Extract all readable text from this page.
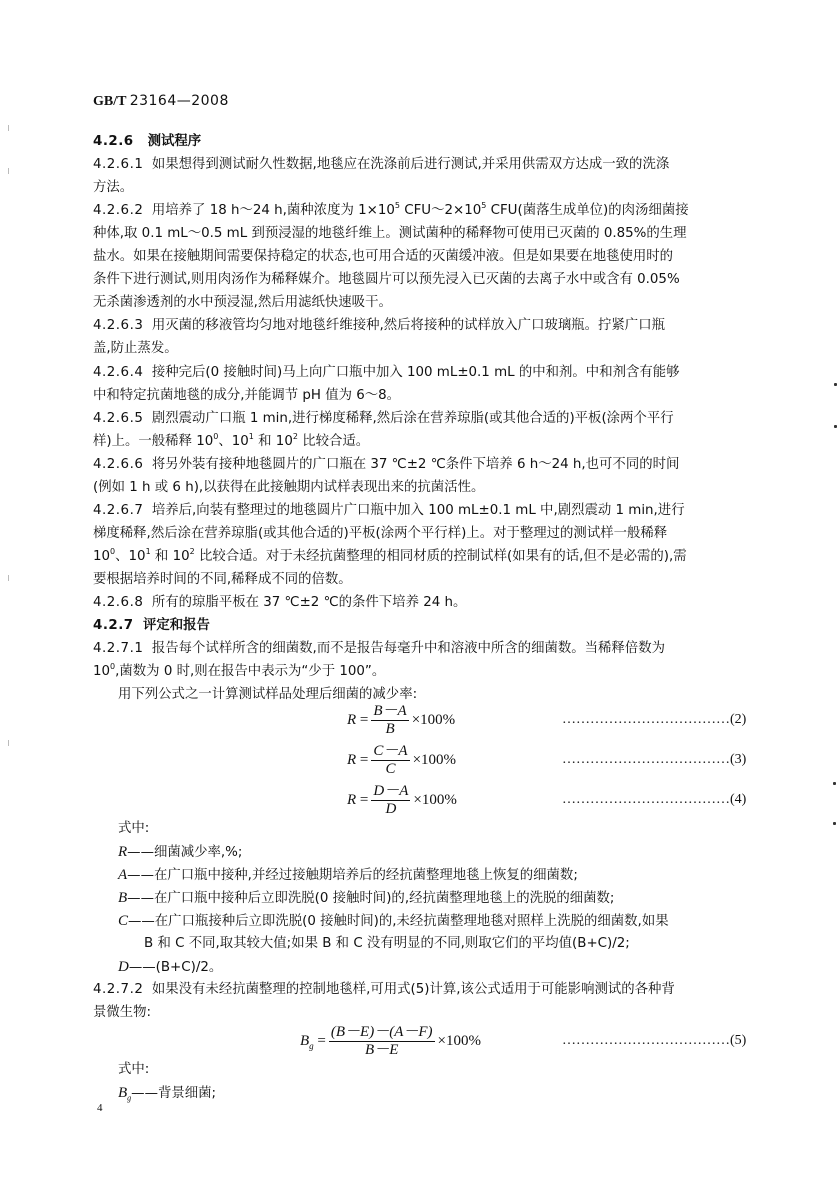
GB/T 23164—2008
4.2.6 测试程序
4.2.6.1 如果想得到测试耐久性数据,地毯应在洗涤前后进行测试,并采用供需双方达成一致的洗涤
方法。
4.2.6.2 用培养了 18 h～24 h,菌种浓度为 $1\times 10^5$ $CFU\sim 2\times 10^5$ CFU(菌落生成单位)的肉汤细菌接
种体,取 0.1 mL～0.5 mL 到预浸湿的地毯纤维上。测试菌种的稀释物可使用已灭菌的 0.85%的生理
盐水。如果在接触期间需要保持稳定的状态,也可用合适的灭菌缓冲液。但是如果要在地毯使用时的
条件下进行测试,则用肉汤作为稀释媒介。地毯圆片可以预先浸入已灭菌的去离子水中或含有 0.05%
无杀菌渗透剂的水中预浸湿,然后用滤纸快速吸干。
4.2.6.3 用灭菌的移液管均匀地对地毯纤维接种,然后将接种的试样放入广口玻璃瓶。拧紧广口瓶
盖,防止蒸发。
4.2.6.4 接种完后(0 接触时间)马上向广口瓶中加入 100 mL±0.1 mL 的中和剂。中和剂含有能够
中和特定抗菌地毯的成分,并能调节 pH 值为 6～8。
4.2.6.5 剧烈震动广口瓶 1 min,进行梯度稀释,然后涂在营养琼脂(或其他合适的)平板(涂两个平行
样)上。一般稀释 $10^0$、$10^1$ 和 $10^2$ 比较合适。
4.2.6.6 将另外装有接种地毯圆片的广口瓶在 37 ℃±2 ℃条件下培养 6 h～24 h,也可不同的时间
(例如 1 h 或 6 h),以获得在此接触期内试样表现出来的抗菌活性。
4.2.6.7 培养后,向装有整理过的地毯圆片广口瓶中加入 100 mL±0.1 mL 中,剧烈震动 1 min,进行
梯度稀释,然后涂在营养琼脂(或其他合适的)平板(涂两个平行样)上。对于整理过的测试样一般稀释
$10^0$、$10^1$ 和 $10^2$ 比较合适。对于未经抗菌整理的相同材质的控制试样(如果有的话,但不是必需的),需
要根据培养时间的不同,稀释成不同的倍数。
4.2.6.8 所有的琼脂平板在 37 ℃±2 ℃的条件下培养 24 h。
4.2.7 评定和报告
4.2.7.1 报告每个试样所含的细菌数,而不是报告每毫升中和溶液中所含的细菌数。当稀释倍数为
$10^0$,菌数为 0 时,则在报告中表示为“少于 100”。
用下列公式之一计算测试样品处理后细菌的减少率:
R
= $\frac{B-A}{B} \times 100\%$	………………………………(2)
R
= $\frac{C-A}{C} \times 100\%$	………………………………(3)
R
= $\frac{D-A}{D} \times 100\%$	………………………………(4)
式中:
R——细菌减少率,%;
A——在广口瓶中接种,并经过接触期培养后的经抗菌整理地毯上恢复的细菌数;
B——在广口瓶中接种后立即洗脱(0 接触时间)的,经抗菌整理地毯上的洗脱的细菌数;
C——在广口瓶接种后立即洗脱(0 接触时间)的,未经抗菌整理地毯对照样上洗脱的细菌数,如果
B 和 C 不同,取其较大值;如果 B 和 C 没有明显的不同,则取它们的平均值(B+C)/2;
D——(B+C)/2。
4.2.7.2 如果没有未经抗菌整理的控制地毯样,可用式(5)计算,该公式适用于可能影响测试的各种背
景微生物:
$B_g$
= $\frac{(B-E)-(A-F)}{B-E} \times 100\%$	………………………………(5)
式中:
$B_g——$背景细菌;
4
